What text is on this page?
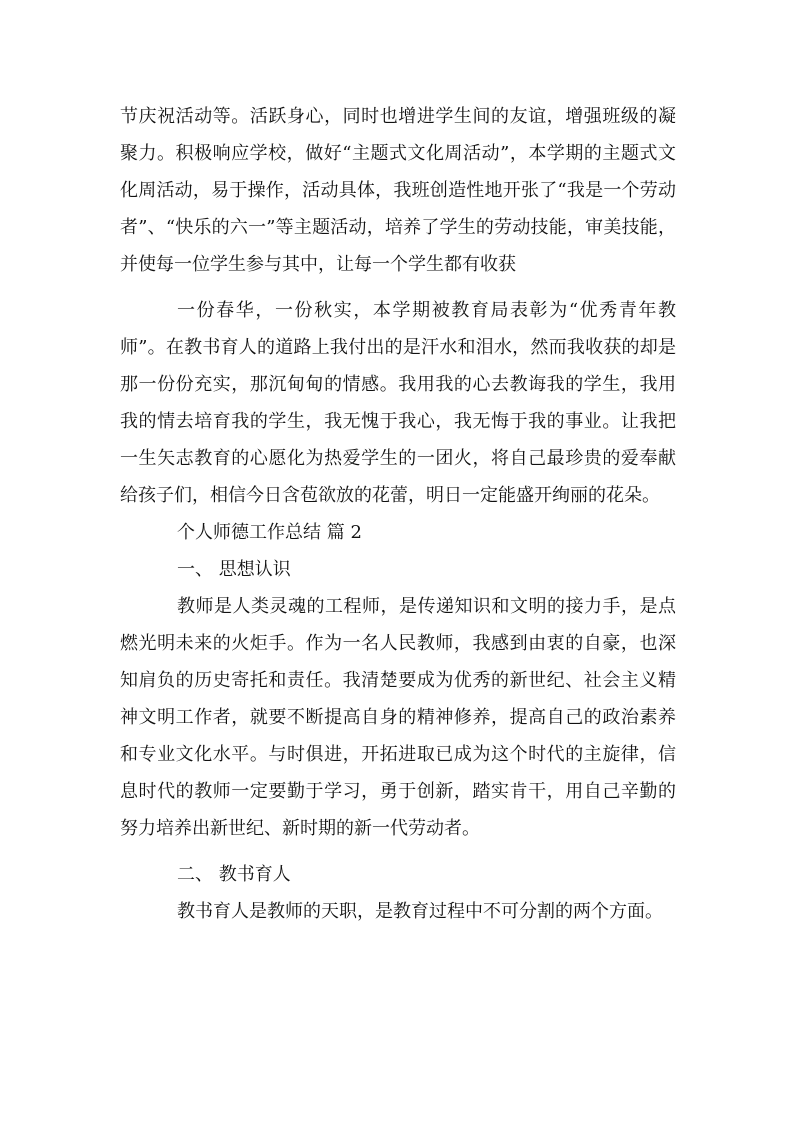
节庆祝活动等。活跃身心，同时也增进学生间的友谊，增强班级的凝聚力。积极响应学校，做好“主题式文化周活动”，本学期的主题式文化周活动，易于操作，活动具体，我班创造性地开张了“我是一个劳动者”、“快乐的六一”等主题活动，培养了学生的劳动技能，审美技能，并使每一位学生参与其中，让每一个学生都有收获

一份春华，一份秋实，本学期被教育局表彰为“优秀青年教师”。在教书育人的道路上我付出的是汗水和泪水，然而我收获的却是那一份份充实，那沉甸甸的情感。我用我的心去教诲我的学生，我用我的情去培育我的学生，我无愧于我心，我无悔于我的事业。让我把一生矢志教育的心愿化为热爱学生的一团火，将自己最珍贵的爱奉献给孩子们，相信今日含苞欲放的花蕾，明日一定能盛开绚丽的花朵。

个人师德工作总结 篇 2

一、 思想认识

教师是人类灵魂的工程师，是传递知识和文明的接力手，是点燃光明未来的火炬手。作为一名人民教师，我感到由衷的自豪，也深知肩负的历史寄托和责任。我清楚要成为优秀的新世纪、社会主义精神文明工作者，就要不断提高自身的精神修养，提高自己的政治素养和专业文化水平。与时俱进，开拓进取已成为这个时代的主旋律，信息时代的教师一定要勤于学习，勇于创新，踏实肯干，用自己辛勤的努力培养出新世纪、新时期的新一代劳动者。

二、 教书育人

教书育人是教师的天职，是教育过程中不可分割的两个方面。
